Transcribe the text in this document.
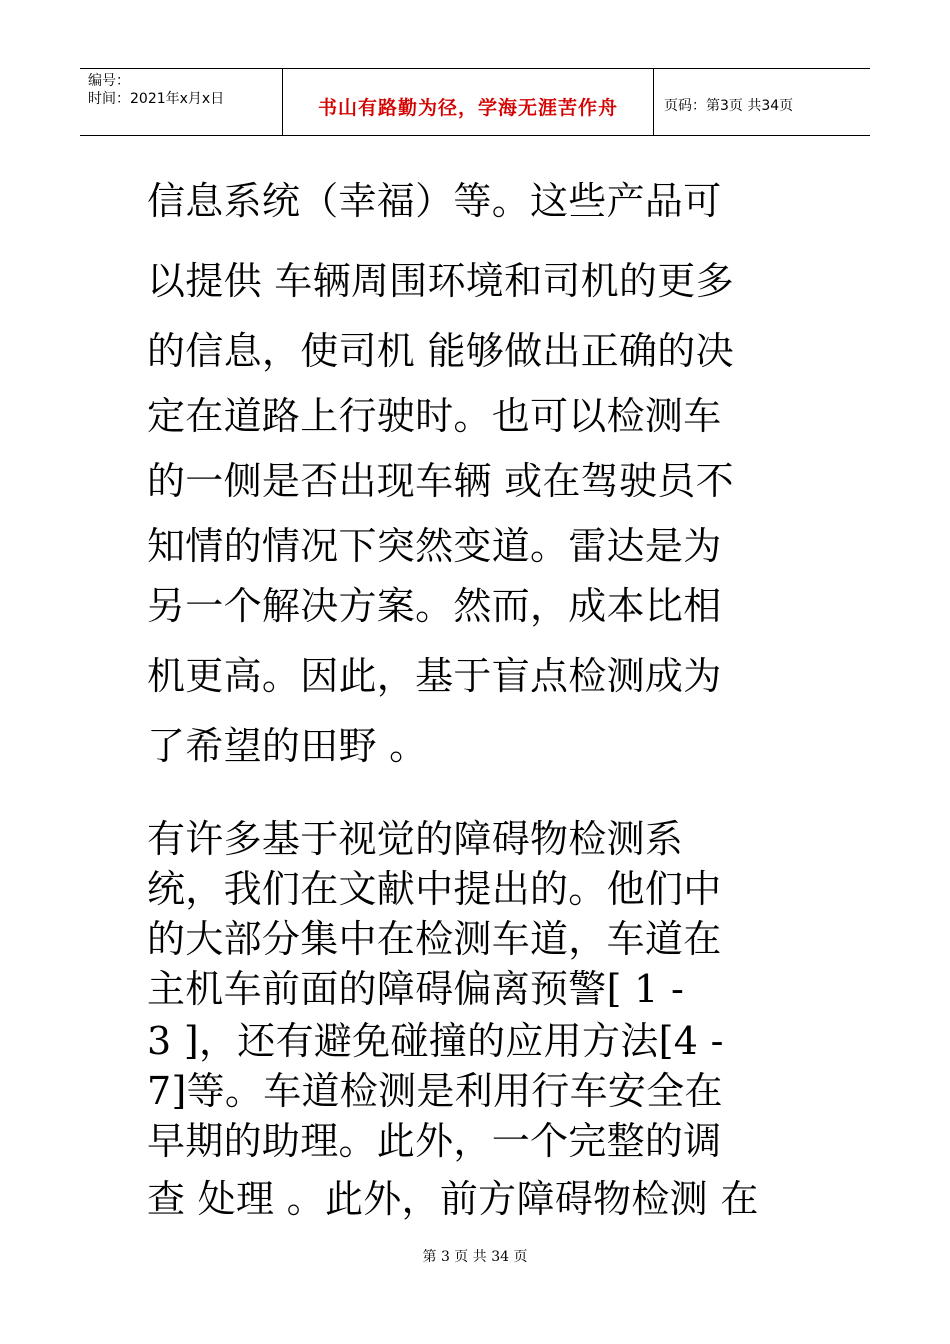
编号：
时间：2021年x月x日	书山有路勤为径，学海无涯苦作舟	页码：第3页 共34页
信息系统（幸福）等。这些产品可
以提供 车辆周围环境和司机的更多
的信息，使司机 能够做出正确的决
定在道路上行驶时。也可以检测车
的一侧是否出现车辆 或在驾驶员不
知情的情况下突然变道。雷达是为
另一个解决方案。然而，成本比相
机更高。因此，基于盲点检测成为
了希望的田野 。
有许多基于视觉的障碍物检测系
统，我们在文献中提出的。他们中
的大部分集中在检测车道，车道在
主机车前面的障碍偏离预警[ 1 -
3 ]，还有避免碰撞的应用方法[4 -
7]等。车道检测是利用行车安全在
早期的助理。此外，一个完整的调
查 处理 。此外，前方障碍物检测 在
第 3 页 共 34 页
